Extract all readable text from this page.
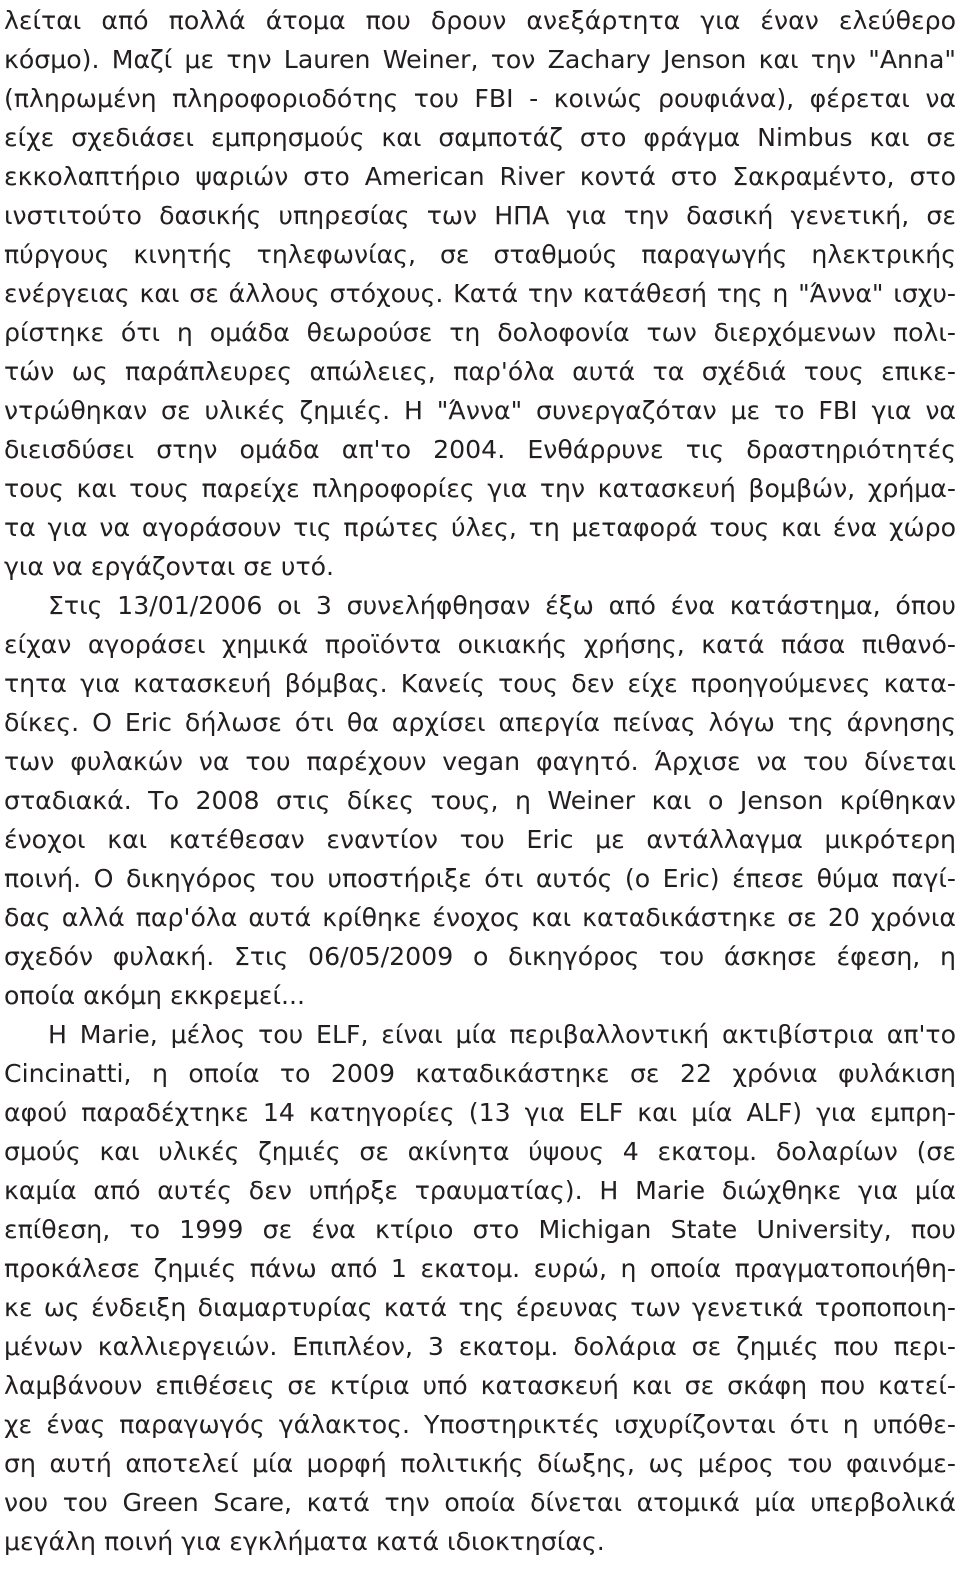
λείται από πολλά άτομα που δρουν ανεξάρτητα για έναν ελεύθερο
κόσμο). Μαζί με την Lauren Weiner, τον Zachary Jenson και την "Anna"
(πληρωμένη πληροφοριοδότης του FBI - κοινώς ρουφιάνα), φέρεται να
είχε σχεδιάσει εμπρησμούς και σαμποτάζ στο φράγμα Nimbus και σε
εκκολαπτήριο ψαριών στο American River κοντά στο Σακραμέντο, στο
ινστιτούτο δασικής υπηρεσίας των ΗΠΑ για την δασική γενετική, σε
πύργους κινητής τηλεφωνίας, σε σταθμούς παραγωγής ηλεκτρικής
ενέργειας και σε άλλους στόχους. Κατά την κατάθεσή της η "Άννα" ισχυ-
ρίστηκε ότι η ομάδα θεωρούσε τη δολοφονία των διερχόμενων πολι-
τών ως παράπλευρες απώλειες, παρ'όλα αυτά τα σχέδιά τους επικε-
ντρώθηκαν σε υλικές ζημιές. Η "Άννα" συνεργαζόταν με το FBI για να
διεισδύσει στην ομάδα απ'το 2004. Ενθάρρυνε τις δραστηριότητές
τους και τους παρείχε πληροφορίες για την κατασκευή βομβών, χρήμα-
τα για να αγοράσουν τις πρώτες ύλες, τη μεταφορά τους και ένα χώρο
για να εργάζονται σε υτό.
Στις 13/01/2006 οι 3 συνελήφθησαν έξω από ένα κατάστημα, όπου
είχαν αγοράσει χημικά προϊόντα οικιακής χρήσης, κατά πάσα πιθανό-
τητα για κατασκευή βόμβας. Κανείς τους δεν είχε προηγούμενες κατα-
δίκες. Ο Eric δήλωσε ότι θα αρχίσει απεργία πείνας λόγω της άρνησης
των φυλακών να του παρέχουν vegan φαγητό. Άρχισε να του δίνεται
σταδιακά. Το 2008 στις δίκες τους, η Weiner και ο Jenson κρίθηκαν
ένοχοι και κατέθεσαν εναντίον του Eric με αντάλλαγμα μικρότερη
ποινή. Ο δικηγόρος του υποστήριξε ότι αυτός (ο Eric) έπεσε θύμα παγί-
δας αλλά παρ'όλα αυτά κρίθηκε ένοχος και καταδικάστηκε σε 20 χρόνια
σχεδόν φυλακή. Στις 06/05/2009 ο δικηγόρος του άσκησε έφεση, η
οποία ακόμη εκκρεμεί...
Η Marie, μέλος του ELF, είναι μία περιβαλλοντική ακτιβίστρια απ'το
Cincinatti, η οποία το 2009 καταδικάστηκε σε 22 χρόνια φυλάκιση
αφού παραδέχτηκε 14 κατηγορίες (13 για ELF και μία ALF) για εμπρη-
σμούς και υλικές ζημιές σε ακίνητα ύψους 4 εκατομ. δολαρίων (σε
καμία από αυτές δεν υπήρξε τραυματίας). Η Marie διώχθηκε για μία
επίθεση, το 1999 σε ένα κτίριο στο Michigan State University, που
προκάλεσε ζημιές πάνω από 1 εκατομ. ευρώ, η οποία πραγματοποιήθη-
κε ως ένδειξη διαμαρτυρίας κατά της έρευνας των γενετικά τροποποιη-
μένων καλλιεργειών. Επιπλέον, 3 εκατομ. δολάρια σε ζημιές που περι-
λαμβάνουν επιθέσεις σε κτίρια υπό κατασκευή και σε σκάφη που κατεί-
χε ένας παραγωγός γάλακτος. Υποστηρικτές ισχυρίζονται ότι η υπόθε-
ση αυτή αποτελεί μία μορφή πολιτικής δίωξης, ως μέρος του φαινόμε-
νου του Green Scare, κατά την οποία δίνεται ατομικά μία υπερβολικά
μεγάλη ποινή για εγκλήματα κατά ιδιοκτησίας.
